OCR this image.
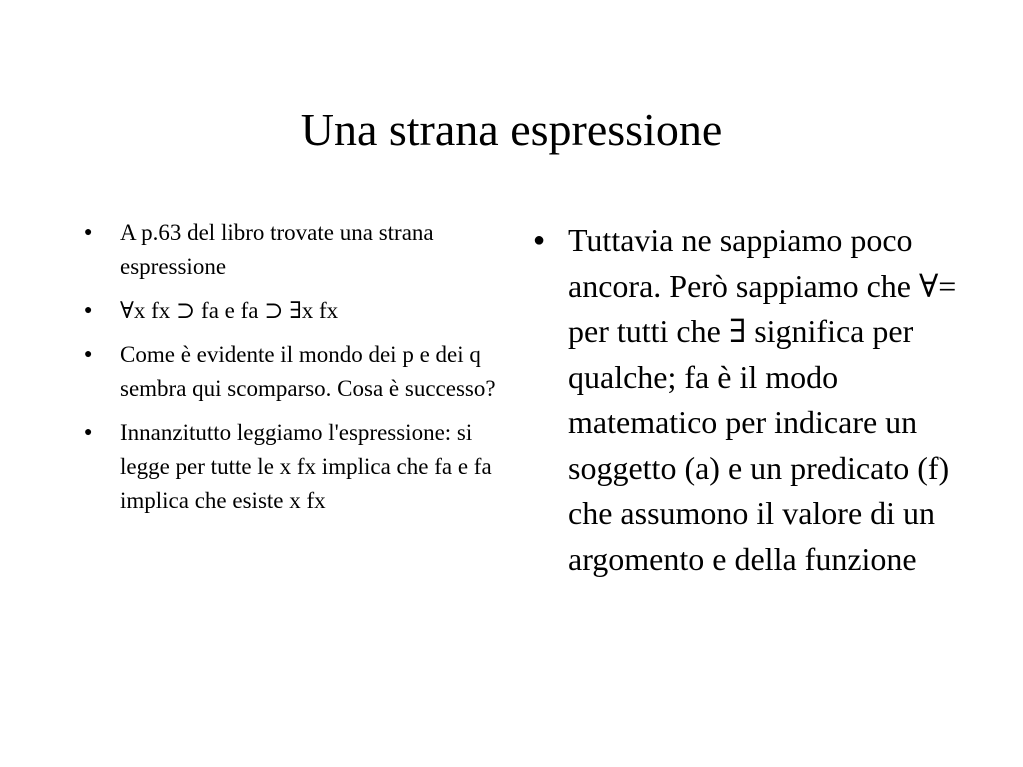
Una strana espressione
● A p.63 del libro trovate una strana espressione
● ∀x fx ⊃ fa e fa ⊃ ∃x fx
● Come è evidente il mondo dei p e dei q sembra qui scomparso. Cosa è successo?
● Innanzitutto leggiamo l'espressione: si legge per tutte le x fx implica che fa e fa implica che esiste x fx
● Tuttavia ne sappiamo poco ancora. Però sappiamo che ∀= per tutti che ∃ significa per qualche; fa è il modo matematico per indicare un soggetto (a) e un predicato (f) che assumono il valore di un argomento e della funzione
